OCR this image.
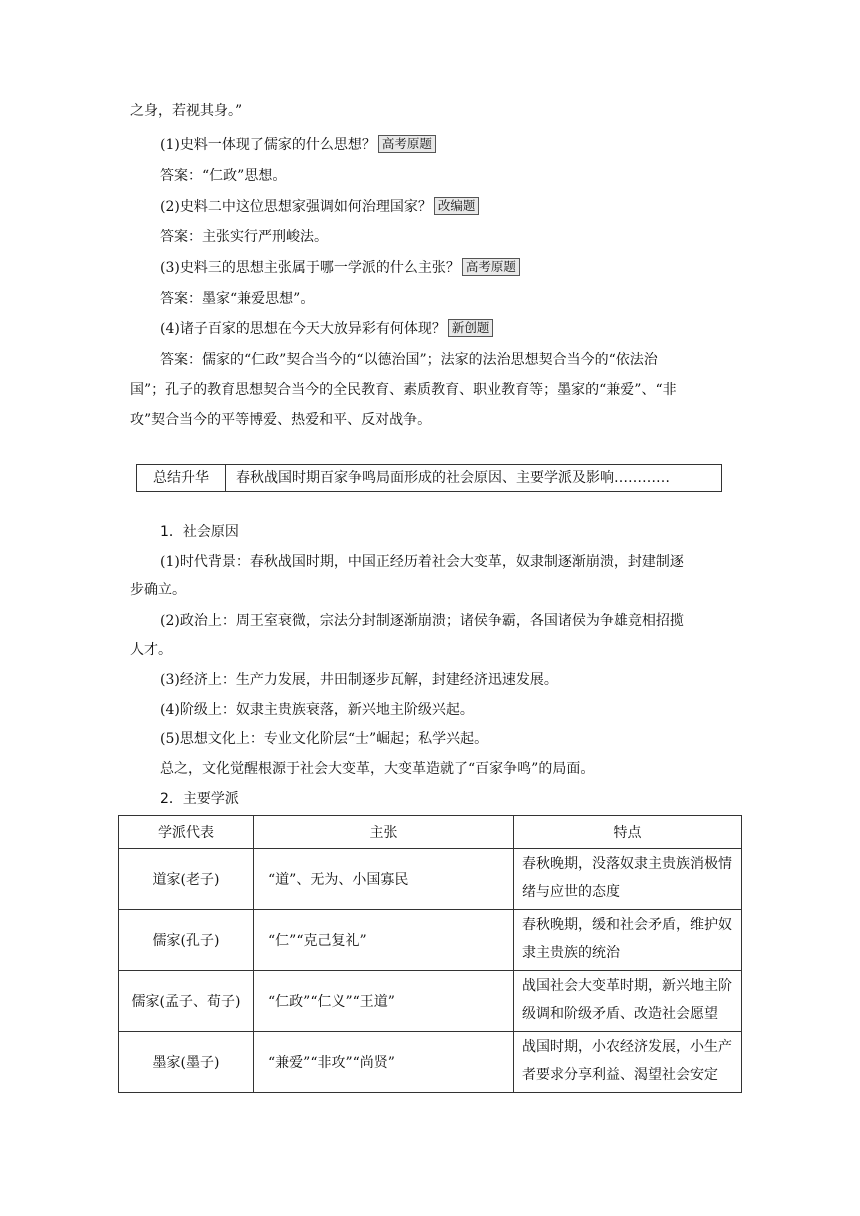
之身，若视其身。”
(1)史料一体现了儒家的什么思想？ 高考原题
答案：“仁政”思想。
(2)史料二中这位思想家强调如何治理国家？ 改编题
答案：主张实行严刑峻法。
(3)史料三的思想主张属于哪一学派的什么主张？ 高考原题
答案：墨家“兼爱思想”。
(4)诸子百家的思想在今天大放异彩有何体现？ 新创题
答案：儒家的“仁政”契合当今的“以德治国”；法家的法治思想契合当今的“依法治
国”；孔子的教育思想契合当今的全民教育、素质教育、职业教育等；墨家的“兼爱”、“非
攻”契合当今的平等博爱、热爱和平、反对战争。
总结升华	春秋战国时期百家争鸣局面形成的社会原因、主要学派及影响…………
1．社会原因
(1)时代背景：春秋战国时期，中国正经历着社会大变革，奴隶制逐渐崩溃，封建制逐
步确立。
(2)政治上：周王室衰微，宗法分封制逐渐崩溃；诸侯争霸，各国诸侯为争雄竞相招揽
人才。
(3)经济上：生产力发展，井田制逐步瓦解，封建经济迅速发展。
(4)阶级上：奴隶主贵族衰落，新兴地主阶级兴起。
(5)思想文化上：专业文化阶层“士”崛起；私学兴起。
总之，文化觉醒根源于社会大变革，大变革造就了“百家争鸣”的局面。
2．主要学派
学派代表	主张	特点
道家(老子)	“道”、无为、小国寡民	春秋晚期，没落奴隶主贵族消极情绪与应世的态度
儒家(孔子)	“仁”“克己复礼”	春秋晚期，缓和社会矛盾，维护奴隶主贵族的统治
儒家(孟子、荀子)	“仁政”“仁义”“王道”	战国社会大变革时期，新兴地主阶级调和阶级矛盾、改造社会愿望
墨家(墨子)	“兼爱”“非攻”“尚贤”	战国时期，小农经济发展，小生产者要求分享利益、渴望社会安定
